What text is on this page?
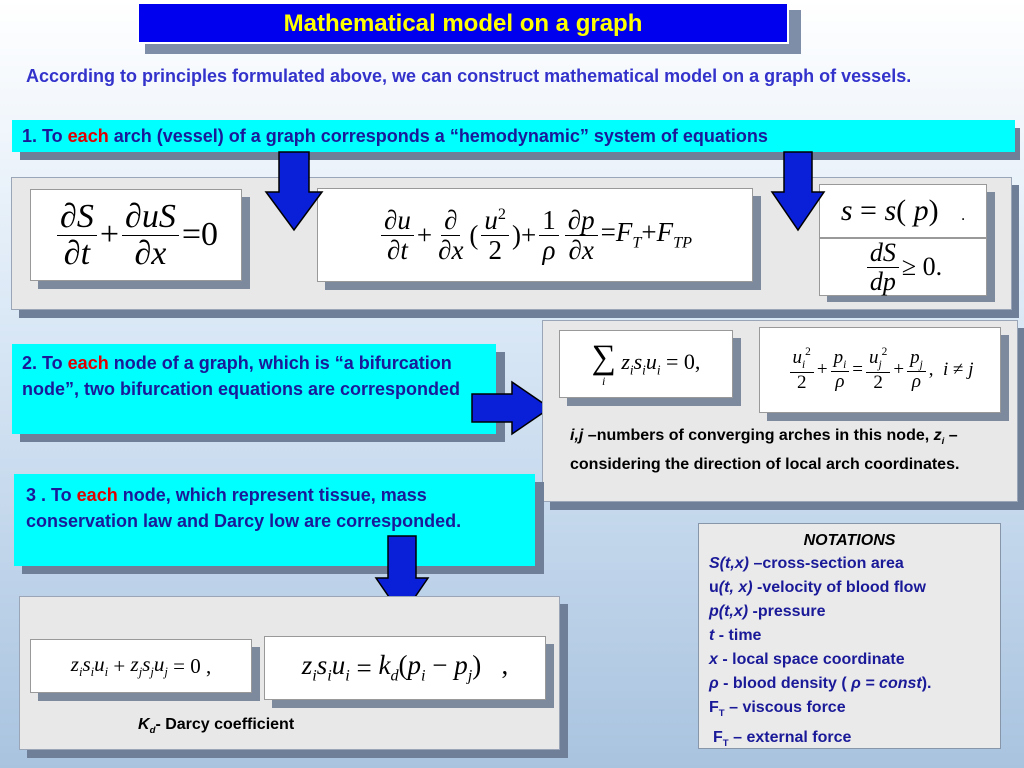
Mathematical model on a graph
According to principles formulated above, we can construct mathematical model on a graph of vessels.
1. To each arch (vessel) of a graph corresponds a “hemodynamic” system of equations
$\frac{\partial S}{\partial t} + \frac{\partial uS}{\partial x} =0$	$\frac{\partial u}{\partial t} + \frac{\partial}{\partial x}$ ( $\frac{u^2}{2}$ )+ $\frac{1}{\rho} \frac{\partial p}{\partial x} =F_T+F_{TP}$
s = s( p)   .
$\frac{dS}{dp} \ge 0$.
2. To each node of a graph, which is “a bifurcation node”, two bifurcation equations are corresponded
∑
i
$z_is_iu_i = 0$,	$\frac{u_i^2}{2} + \frac{p_i}{\rho} = \frac{u_j^2}{2} + \frac{p_j}{\rho}$ ,  i ≠ j
i,j –numbers of converging arches in this node, $z_i$ – considering the direction of local arch coordinates.
3 . To each node, which represent tissue, mass conservation law and Darcy low are corresponded.
$z_is_iu_i + z_js_ju_j = 0$ ,	$z_is_iu_i = k_d$ $(p_i - p_j)$   ,
$K_d-$ Darcy coefficient
NOTATIONS
S(t,x) –cross-section area
u(t, x) -velocity of blood flow
p(t,x) -pressure
t - time
x - local space coordinate
ρ - blood density ( ρ = const).
$F_T$ – viscous force
$F_T$ – external force
